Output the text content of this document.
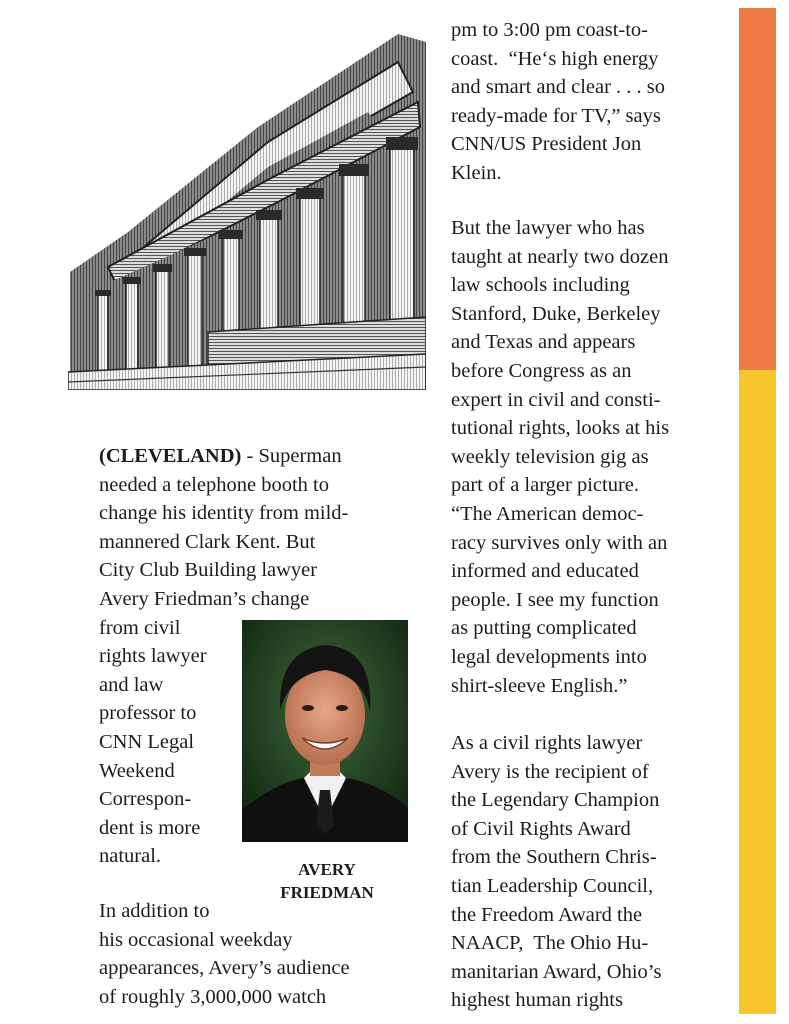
(CLEVELAND) - Superman
needed a telephone booth to
change his identity from mild-
mannered Clark Kent. But
City Club Building lawyer
Avery Friedman’s change
from civil
rights lawyer
and law
professor to
CNN Legal
Weekend
Correspon-
dent is more
natural.
AVERY
FRIEDMAN
In addition to
his occasional weekday
appearances, Avery’s audience
of roughly 3,000,000 watch
pm to 3:00 pm coast-to-
coast.  “He‘s high energy
and smart and clear . . . so
ready-made for TV,” says
CNN/US President Jon
Klein.
But the lawyer who has
taught at nearly two dozen
law schools including
Stanford, Duke, Berkeley
and Texas and appears
before Congress as an
expert in civil and consti-
tutional rights, looks at his
weekly television gig as
part of a larger picture.
“The American democ-
racy survives only with an
informed and educated
people. I see my function
as putting complicated
legal developments into
shirt-sleeve English.”
As a civil rights lawyer
Avery is the recipient of
the Legendary Champion
of Civil Rights Award
from the Southern Chris-
tian Leadership Council,
the Freedom Award the
NAACP,  The Ohio Hu-
manitarian Award, Ohio’s
highest human rights
